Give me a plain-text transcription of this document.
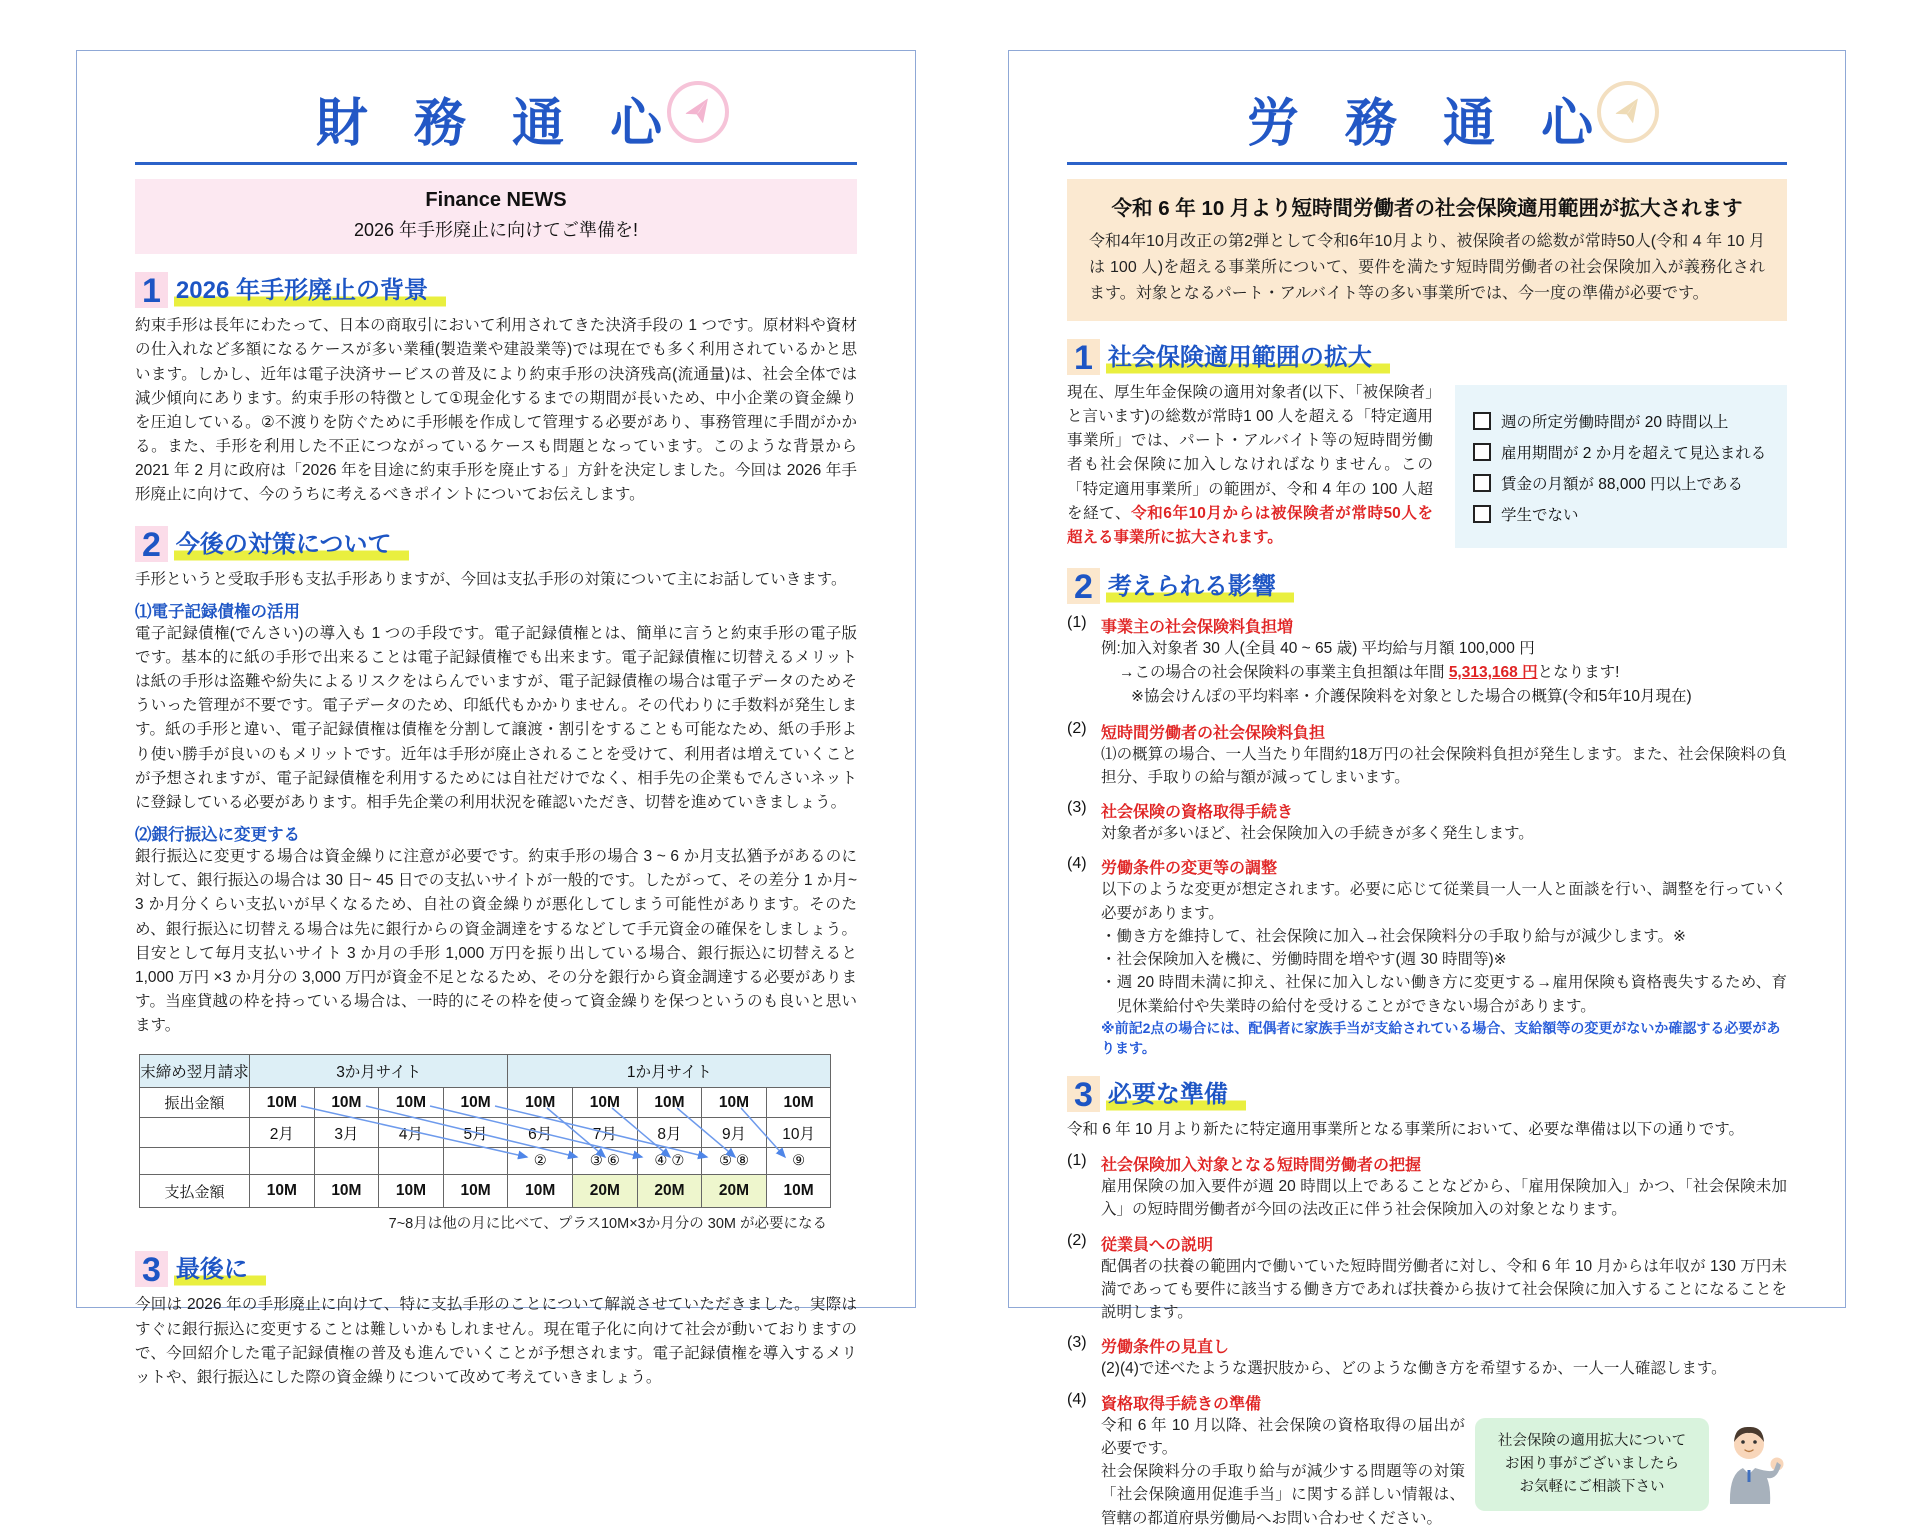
財 務 通 心
Finance NEWS
2026 年手形廃止に向けてご準備を!
1 2026 年手形廃止の背景
約束手形は長年にわたって、日本の商取引において利用されてきた決済手段の 1 つです。原材料や資材の仕入れなど多額になるケースが多い業種(製造業や建設業等)では現在でも多く利用されているかと思います。しかし、近年は電子決済サービスの普及により約束手形の決済残高(流通量)は、社会全体では減少傾向にあります。約束手形の特徴として①現金化するまでの期間が長いため、中小企業の資金繰りを圧迫している。②不渡りを防ぐために手形帳を作成して管理する必要があり、事務管理に手間がかかる。また、手形を利用した不正につながっているケースも問題となっています。このような背景から 2021 年 2 月に政府は「2026 年を目途に約束手形を廃止する」方針を決定しました。今回は 2026 年手形廃止に向けて、今のうちに考えるべきポイントについてお伝えします。
2 今後の対策について
手形というと受取手形も支払手形ありますが、今回は支払手形の対策について主にお話していきます。
⑴電子記録債権の活用
電子記録債権(でんさい)の導入も 1 つの手段です。電子記録債権とは、簡単に言うと約束手形の電子版です。基本的に紙の手形で出来ることは電子記録債権でも出来ます。電子記録債権に切替えるメリットは紙の手形は盗難や紛失によるリスクをはらんでいますが、電子記録債権の場合は電子データのためそういった管理が不要です。電子データのため、印紙代もかかりません。その代わりに手数料が発生します。紙の手形と違い、電子記録債権は債権を分割して譲渡・割引をすることも可能なため、紙の手形より使い勝手が良いのもメリットです。近年は手形が廃止されることを受けて、利用者は増えていくことが予想されますが、電子記録債権を利用するためには自社だけでなく、相手先の企業もでんさいネットに登録している必要があります。相手先企業の利用状況を確認いただき、切替を進めていきましょう。
⑵銀行振込に変更する
銀行振込に変更する場合は資金繰りに注意が必要です。約束手形の場合 3 ~ 6 か月支払猶予があるのに対して、銀行振込の場合は 30 日~ 45 日での支払いサイトが一般的です。したがって、その差分 1 か月~ 3 か月分くらい支払いが早くなるため、自社の資金繰りが悪化してしまう可能性があります。そのため、銀行振込に切替える場合は先に銀行からの資金調達をするなどして手元資金の確保をしましょう。目安として毎月支払いサイト 3 か月の手形 1,000 万円を振り出している場合、銀行振込に切替えると 1,000 万円 ×3 か月分の 3,000 万円が資金不足となるため、その分を銀行から資金調達する必要があります。当座貸越の枠を持っている場合は、一時的にその枠を使って資金繰りを保つというのも良いと思います。
末締め翌月請求	3か月サイト				1か月サイト				
振出金額	10M	10M	10M	10M	10M	10M	10M	10M	10M
	2月	3月	4月	5月	6月	7月	8月	9月	10月
					②	③ ⑥	④ ⑦	⑤ ⑧	⑨
支払金額	10M	10M	10M	10M	10M	20M	20M	20M	10M
7~8月は他の月に比べて、プラス10M×3か月分の 30M が必要になる
3 最後に
今回は 2026 年の手形廃止に向けて、特に支払手形のことについて解説させていただきました。実際はすぐに銀行振込に変更することは難しいかもしれません。現在電子化に向けて社会が動いておりますので、今回紹介した電子記録債権の普及も進んでいくことが予想されます。電子記録債権を導入するメリットや、銀行振込にした際の資金繰りについて改めて考えていきましょう。
労 務 通 心
令和 6 年 10 月より短時間労働者の社会保険適用範囲が拡大されます
令和4年10月改正の第2弾として令和6年10月より、被保険者の総数が常時50人(令和 4 年 10 月は 100 人)を超える事業所について、要件を満たす短時間労働者の社会保険加入が義務化されます。対象となるパート・アルバイト等の多い事業所では、今一度の準備が必要です。
1 社会保険適用範囲の拡大
現在、厚生年金保険の適用対象者(以下、「被保険者」と言います)の総数が常時1 00 人を超える「特定適用事業所」では、パート・アルバイト等の短時間労働者も社会保険に加入しなければなりません。この「特定適用事業所」の範囲が、令和 4 年の 100 人超を経て、令和6年10月からは被保険者が常時50人を超える事業所に拡大されます。
週の所定労働時間が 20 時間以上
雇用期間が 2 か月を超えて見込まれる
賃金の月額が 88,000 円以上である
学生でない
2 考えられる影響
(1) 事業主の社会保険料負担増
例:加入対象者 30 人(全員 40 ~ 65 歳) 平均給与月額 100,000 円
→この場合の社会保険料の事業主負担額は年間 5,313,168 円となります!
※協会けんぽの平均料率・介護保険料を対象とした場合の概算(令和5年10月現在)
(2) 短時間労働者の社会保険料負担
⑴の概算の場合、一人当たり年間約18万円の社会保険料負担が発生します。また、社会保険料の負担分、手取りの給与額が減ってしまいます。
(3) 社会保険の資格取得手続き
対象者が多いほど、社会保険加入の手続きが多く発生します。
(4) 労働条件の変更等の調整
以下のような変更が想定されます。必要に応じて従業員一人一人と面談を行い、調整を行っていく必要があります。
・働き方を維持して、社会保険に加入→社会保険料分の手取り給与が減少します。※
・社会保険加入を機に、労働時間を増やす(週 30 時間等)※
・週 20 時間未満に抑え、社保に加入しない働き方に変更する→雇用保険も資格喪失するため、育児休業給付や失業時の給付を受けることができない場合があります。
※前記2点の場合には、配偶者に家族手当が支給されている場合、支給額等の変更がないか確認する必要があります。
3 必要な準備
令和 6 年 10 月より新たに特定適用事業所となる事業所において、必要な準備は以下の通りです。
(1) 社会保険加入対象となる短時間労働者の把握
雇用保険の加入要件が週 20 時間以上であることなどから、「雇用保険加入」かつ、「社会保険未加入」の短時間労働者が今回の法改正に伴う社会保険加入の対象となります。
(2) 従業員への説明
配偶者の扶養の範囲内で働いていた短時間労働者に対し、令和 6 年 10 月からは年収が 130 万円未満であっても要件に該当する働き方であれば扶養から抜けて社会保険に加入することになることを説明します。
(3) 労働条件の見直し
(2)(4)で述べたような選択肢から、どのような働き方を希望するか、一人一人確認します。
(4) 資格取得手続きの準備
社会保険の適用拡大について
お困り事がございましたら
お気軽にご相談下さい
令和 6 年 10 月以降、社会保険の資格取得の届出が必要です。
社会保険料分の手取り給与が減少する問題等の対策「社会保険適用促進手当」に関する詳しい情報は、管轄の都道府県労働局へお問い合わせください。
